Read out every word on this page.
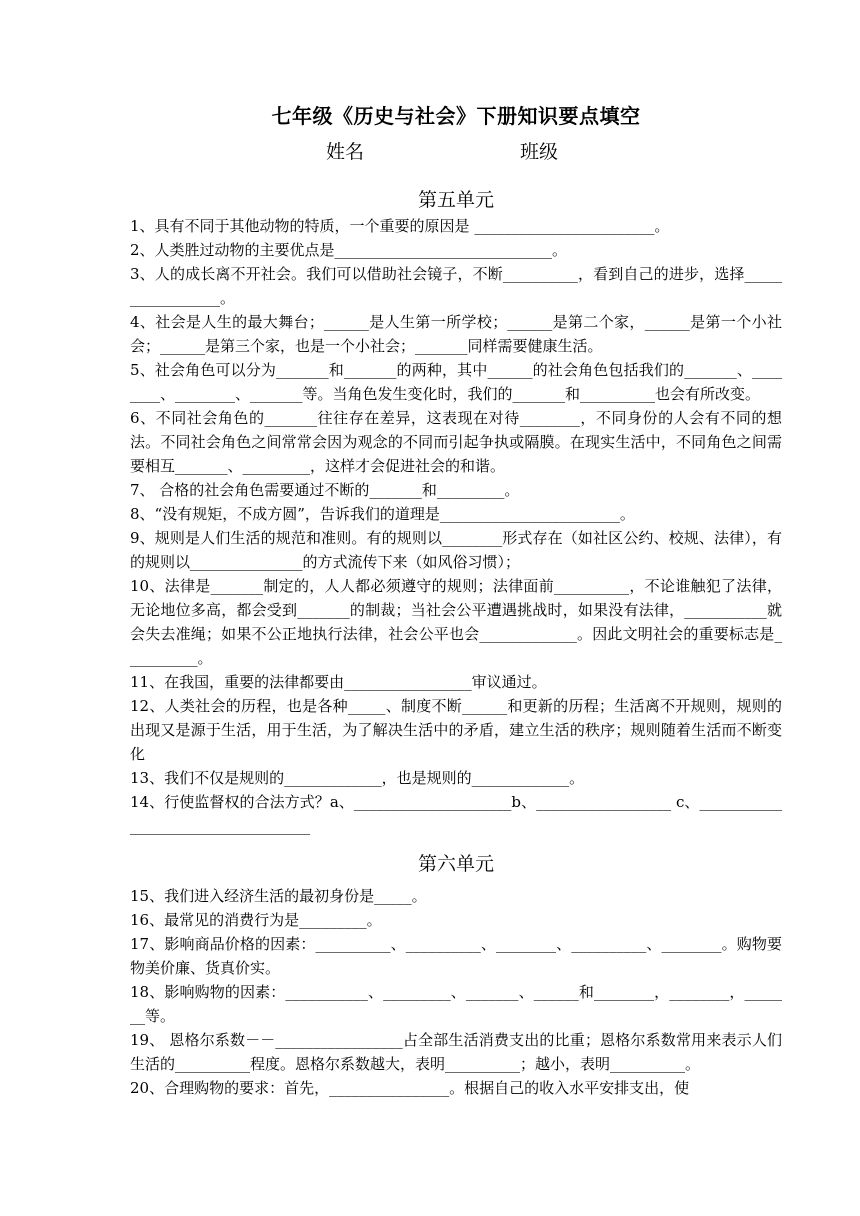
七年级《历史与社会》下册知识要点填空
姓名	班级
第五单元
1、具有不同于其他动物的特质，一个重要的原因是 ________________________。
2、人类胜过动物的主要优点是_____________________________。
3、人的成长离不开社会。我们可以借助社会镜子，不断__________，看到自己的进步，选择_________________。
4、社会是人生的最大舞台；______是人生第一所学校；______是第二个家，______是第一个小社会；______是第三个家，也是一个小社会；_______同样需要健康生活。
5、社会角色可以分为_______和_______的两种，其中______的社会角色包括我们的_______、________、________、_______等。当角色发生变化时，我们的_______和__________也会有所改变。
6、不同社会角色的_______往往存在差异，这表现在对待________，不同身份的人会有不同的想法。不同社会角色之间常常会因为观念的不同而引起争执或隔膜。在现实生活中，不同角色之间需要相互_______、_________，这样才会促进社会的和谐。
7、 合格的社会角色需要通过不断的_______和_________。
8、“没有规矩，不成方圆”，告诉我们的道理是________________________。
9、规则是人们生活的规范和准则。有的规则以________形式存在（如社区公约、校规、法律），有的规则以_______________的方式流传下来（如风俗习惯）；
10、法律是_______制定的，人人都必须遵守的规则；法律面前__________，不论谁触犯了法律，无论地位多高，都会受到_______的制裁；当社会公平遭遇挑战时，如果没有法律，___________就会失去准绳；如果不公正地执行法律，社会公平也会_____________。因此文明社会的重要标志是__________。
11、在我国，重要的法律都要由_________________审议通过。
12、人类社会的历程，也是各种_____、制度不断______和更新的历程；生活离不开规则，规则的出现又是源于生活，用于生活，为了解决生活中的矛盾，建立生活的秩序；规则随着生活而不断变化
13、我们不仅是规则的_____________，也是规则的_____________。
14、行使监督权的合法方式？a、_____________________b、__________________ c、___________________________________
第六单元
15、我们进入经济生活的最初身份是_____。
16、最常见的消费行为是_________。
17、影响商品价格的因素：__________、__________、________、__________、________。购物要物美价廉、货真价实。
18、影响购物的因素：___________、_________、_______、______和________，________，_______等。
19、 恩格尔系数－－_________________占全部生活消费支出的比重；恩格尔系数常用来表示人们生活的__________程度。恩格尔系数越大，表明__________；越小，表明__________。
20、合理购物的要求：首先，________________。根据自己的收入水平安排支出，使
